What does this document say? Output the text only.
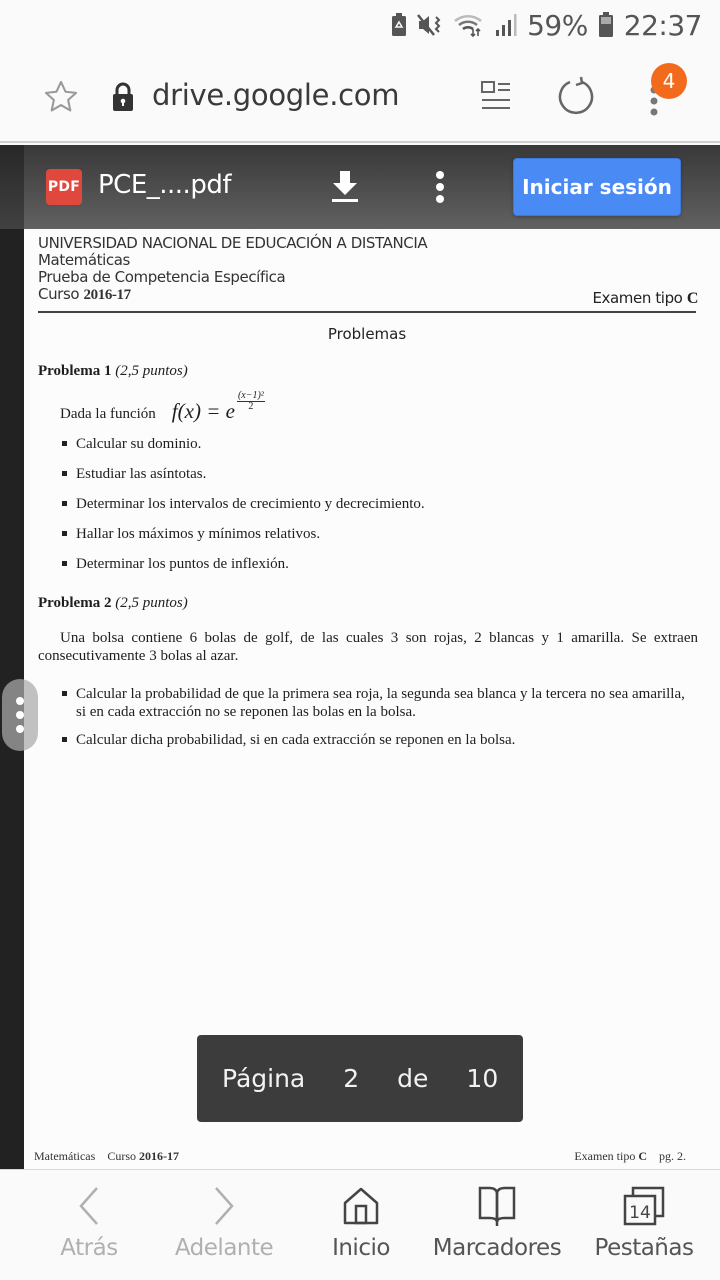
59% 22:37
drive.google.com	4
UNIVERSIDAD NACIONAL DE EDUCACIÓN A DISTANCIA
Matemáticas
Prueba de Competencia Específica
Curso 2016-17	Examen tipo C
Problemas
Problema 1 (2,5 puntos)
Dada la función f(x) = e $\frac{\text{(x−1)²}}{2}$
Calcular su dominio.
Estudiar las asíntotas.
Determinar los intervalos de crecimiento y decrecimiento.
Hallar los máximos y mínimos relativos.
Determinar los puntos de inflexión.
Problema 2 (2,5 puntos)
Una bolsa contiene 6 bolas de golf, de las cuales 3 son rojas, 2 blancas y 1 amarilla. Se extraen consecutivamente 3 bolas al azar.
Calcular la probabilidad de que la primera sea roja, la segunda sea blanca y la tercera no sea amarilla, si en cada extracción no se reponen las bolas en la bolsa.
Calcular dicha probabilidad, si en cada extracción se reponen en la bolsa.
Matemáticas Curso 2016-17	Examen tipo C pg. 2.
PDF PCE_....pdf	Iniciar sesión
Página 2 de 10
Atrás Adelante	Inicio Marcadores
14
Pestañas
